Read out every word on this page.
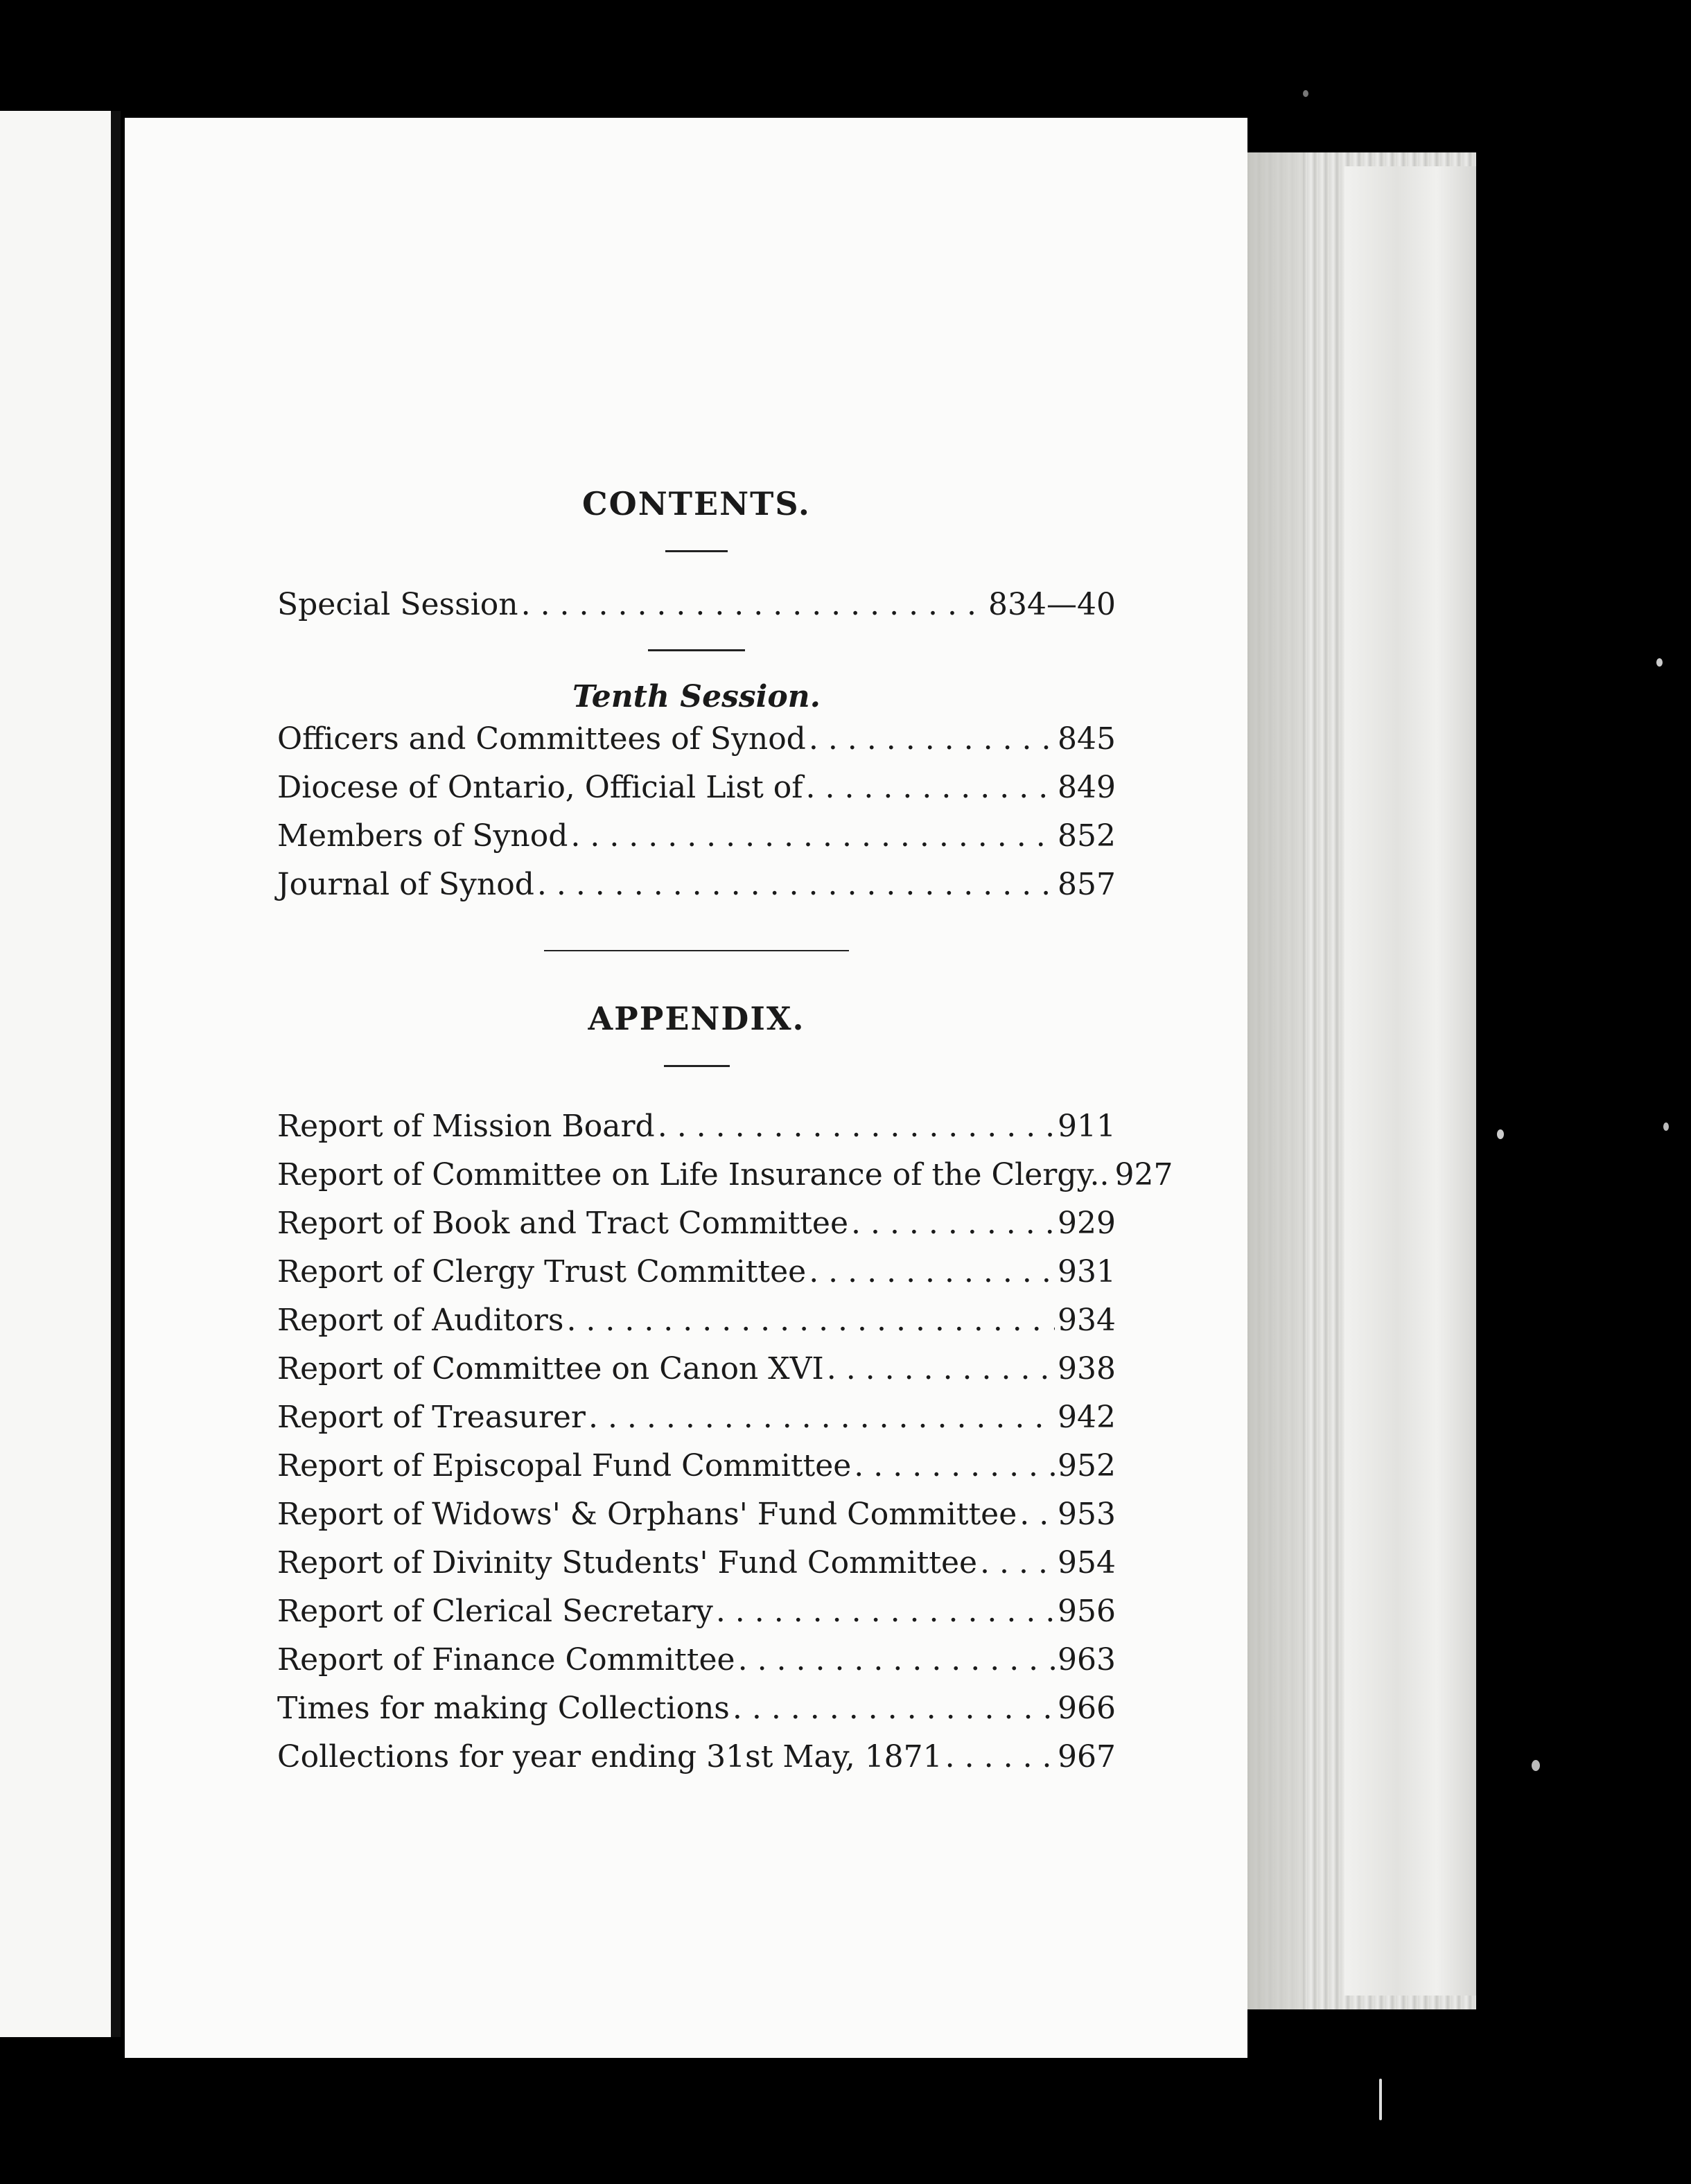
CONTENTS.
Special Session . . .	834—40
Tenth Session.
Officers and Committees of Synod . . .	845
Diocese of Ontario, Official List of . . .	849
Members of Synod . . .	852
Journal of Synod . . .	857
APPENDIX.
Report of Mission Board . . .	911
Report of Committee on Life Insurance of the Clergy.. 927
Report of Book and Tract Committee . . .	929
Report of Clergy Trust Committee . . .	931
Report of Auditors . . .	934
Report of Committee on Canon XVI . . .	938
Report of Treasurer . . .	942
Report of Episcopal Fund Committee . . .	952
Report of Widows' & Orphans' Fund Committee . . . 953
Report of Divinity Students' Fund Committee . . .	954
Report of Clerical Secretary . . .	956
Report of Finance Committee . . .	963
Times for making Collections . . .	966
Collections for year ending 31st May, 1871 . . .	967
